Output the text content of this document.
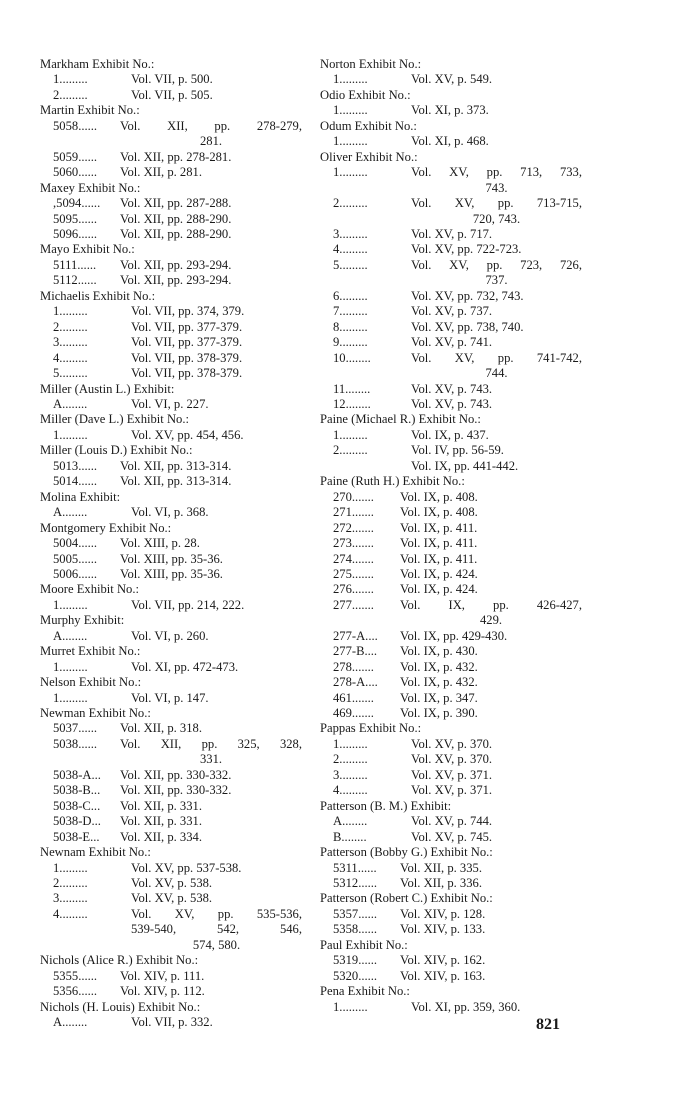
Markham Exhibit No.:
1.........	Vol. VII, p. 500.
2.........	Vol. VII, p. 505.
Martin Exhibit No.:
5058......	Vol. XII, pp. 278-279,
281.
5059......	Vol. XII, pp. 278-281.
5060......	Vol. XII, p. 281.
Maxey Exhibit No.:
,5094......	Vol. XII, pp. 287-288.
5095......	Vol. XII, pp. 288-290.
5096......	Vol. XII, pp. 288-290.
Mayo Exhibit No.:
5111......	Vol. XII, pp. 293-294.
5112......	Vol. XII, pp. 293-294.
Michaelis Exhibit No.:
1.........	Vol. VII, pp. 374, 379.
2.........	Vol. VII, pp. 377-379.
3.........	Vol. VII, pp. 377-379.
4.........	Vol. VII, pp. 378-379.
5.........	Vol. VII, pp. 378-379.
Miller (Austin L.) Exhibit:
A........	Vol. VI, p. 227.
Miller (Dave L.) Exhibit No.:
1.........	Vol. XV, pp. 454, 456.
Miller (Louis D.) Exhibit No.:
5013......	Vol. XII, pp. 313-314.
5014......	Vol. XII, pp. 313-314.
Molina Exhibit:
A........	Vol. VI, p. 368.
Montgomery Exhibit No.:
5004......	Vol. XIII, p. 28.
5005......	Vol. XIII, pp. 35-36.
5006......	Vol. XIII, pp. 35-36.
Moore Exhibit No.:
1.........	Vol. VII, pp. 214, 222.
Murphy Exhibit:
A........	Vol. VI, p. 260.
Murret Exhibit No.:
1.........	Vol. XI, pp. 472-473.
Nelson Exhibit No.:
1.........	Vol. VI, p. 147.
Newman Exhibit No.:
5037......	Vol. XII, p. 318.
5038......	Vol. XII, pp. 325, 328,
331.
5038-A...	Vol. XII, pp. 330-332.
5038-B...	Vol. XII, pp. 330-332.
5038-C...	Vol. XII, p. 331.
5038-D...	Vol. XII, p. 331.
5038-E...	Vol. XII, p. 334.
Newnam Exhibit No.:
1.........	Vol. XV, pp. 537-538.
2.........	Vol. XV, p. 538.
3.........	Vol. XV, p. 538.
4.........	Vol. XV, pp. 535-536,
539-540, 542, 546,
574, 580.
Nichols (Alice R.) Exhibit No.:
5355......	Vol. XIV, p. 111.
5356......	Vol. XIV, p. 112.
Nichols (H. Louis) Exhibit No.:
A........	Vol. VII, p. 332.
Norton Exhibit No.:
1.........	Vol. XV, p. 549.
Odio Exhibit No.:
1.........	Vol. XI, p. 373.
Odum Exhibit No.:
1.........	Vol. XI, p. 468.
Oliver Exhibit No.:
1.........	Vol. XV, pp. 713, 733,
743.
2.........	Vol. XV, pp. 713-715,
720, 743.
3.........	Vol. XV, p. 717.
4.........	Vol. XV, pp. 722-723.
5.........	Vol. XV, pp. 723, 726,
737.
6.........	Vol. XV, pp. 732, 743.
7.........	Vol. XV, p. 737.
8.........	Vol. XV, pp. 738, 740.
9.........	Vol. XV, p. 741.
10........	Vol. XV, pp. 741-742,
744.
11........	Vol. XV, p. 743.
12........	Vol. XV, p. 743.
Paine (Michael R.) Exhibit No.:
1.........	Vol. IX, p. 437.
2.........	Vol. IV, pp. 56-59.
Vol. IX, pp. 441-442.
Paine (Ruth H.) Exhibit No.:
270.......	Vol. IX, p. 408.
271.......	Vol. IX, p. 408.
272.......	Vol. IX, p. 411.
273.......	Vol. IX, p. 411.
274.......	Vol. IX, p. 411.
275.......	Vol. IX, p. 424.
276.......	Vol. IX, p. 424.
277.......	Vol. IX, pp. 426-427,
429.
277-A....	Vol. IX, pp. 429-430.
277-B....	Vol. IX, p. 430.
278.......	Vol. IX, p. 432.
278-A....	Vol. IX, p. 432.
461.......	Vol. IX, p. 347.
469.......	Vol. IX, p. 390.
Pappas Exhibit No.:
1.........	Vol. XV, p. 370.
2.........	Vol. XV, p. 370.
3.........	Vol. XV, p. 371.
4.........	Vol. XV, p. 371.
Patterson (B. M.) Exhibit:
A........	Vol. XV, p. 744.
B........	Vol. XV, p. 745.
Patterson (Bobby G.) Exhibit No.:
5311......	Vol. XII, p. 335.
5312......	Vol. XII, p. 336.
Patterson (Robert C.) Exhibit No.:
5357......	Vol. XIV, p. 128.
5358......	Vol. XIV, p. 133.
Paul Exhibit No.:
5319......	Vol. XIV, p. 162.
5320......	Vol. XIV, p. 163.
Pena Exhibit No.:
1.........	Vol. XI, pp. 359, 360.
821
